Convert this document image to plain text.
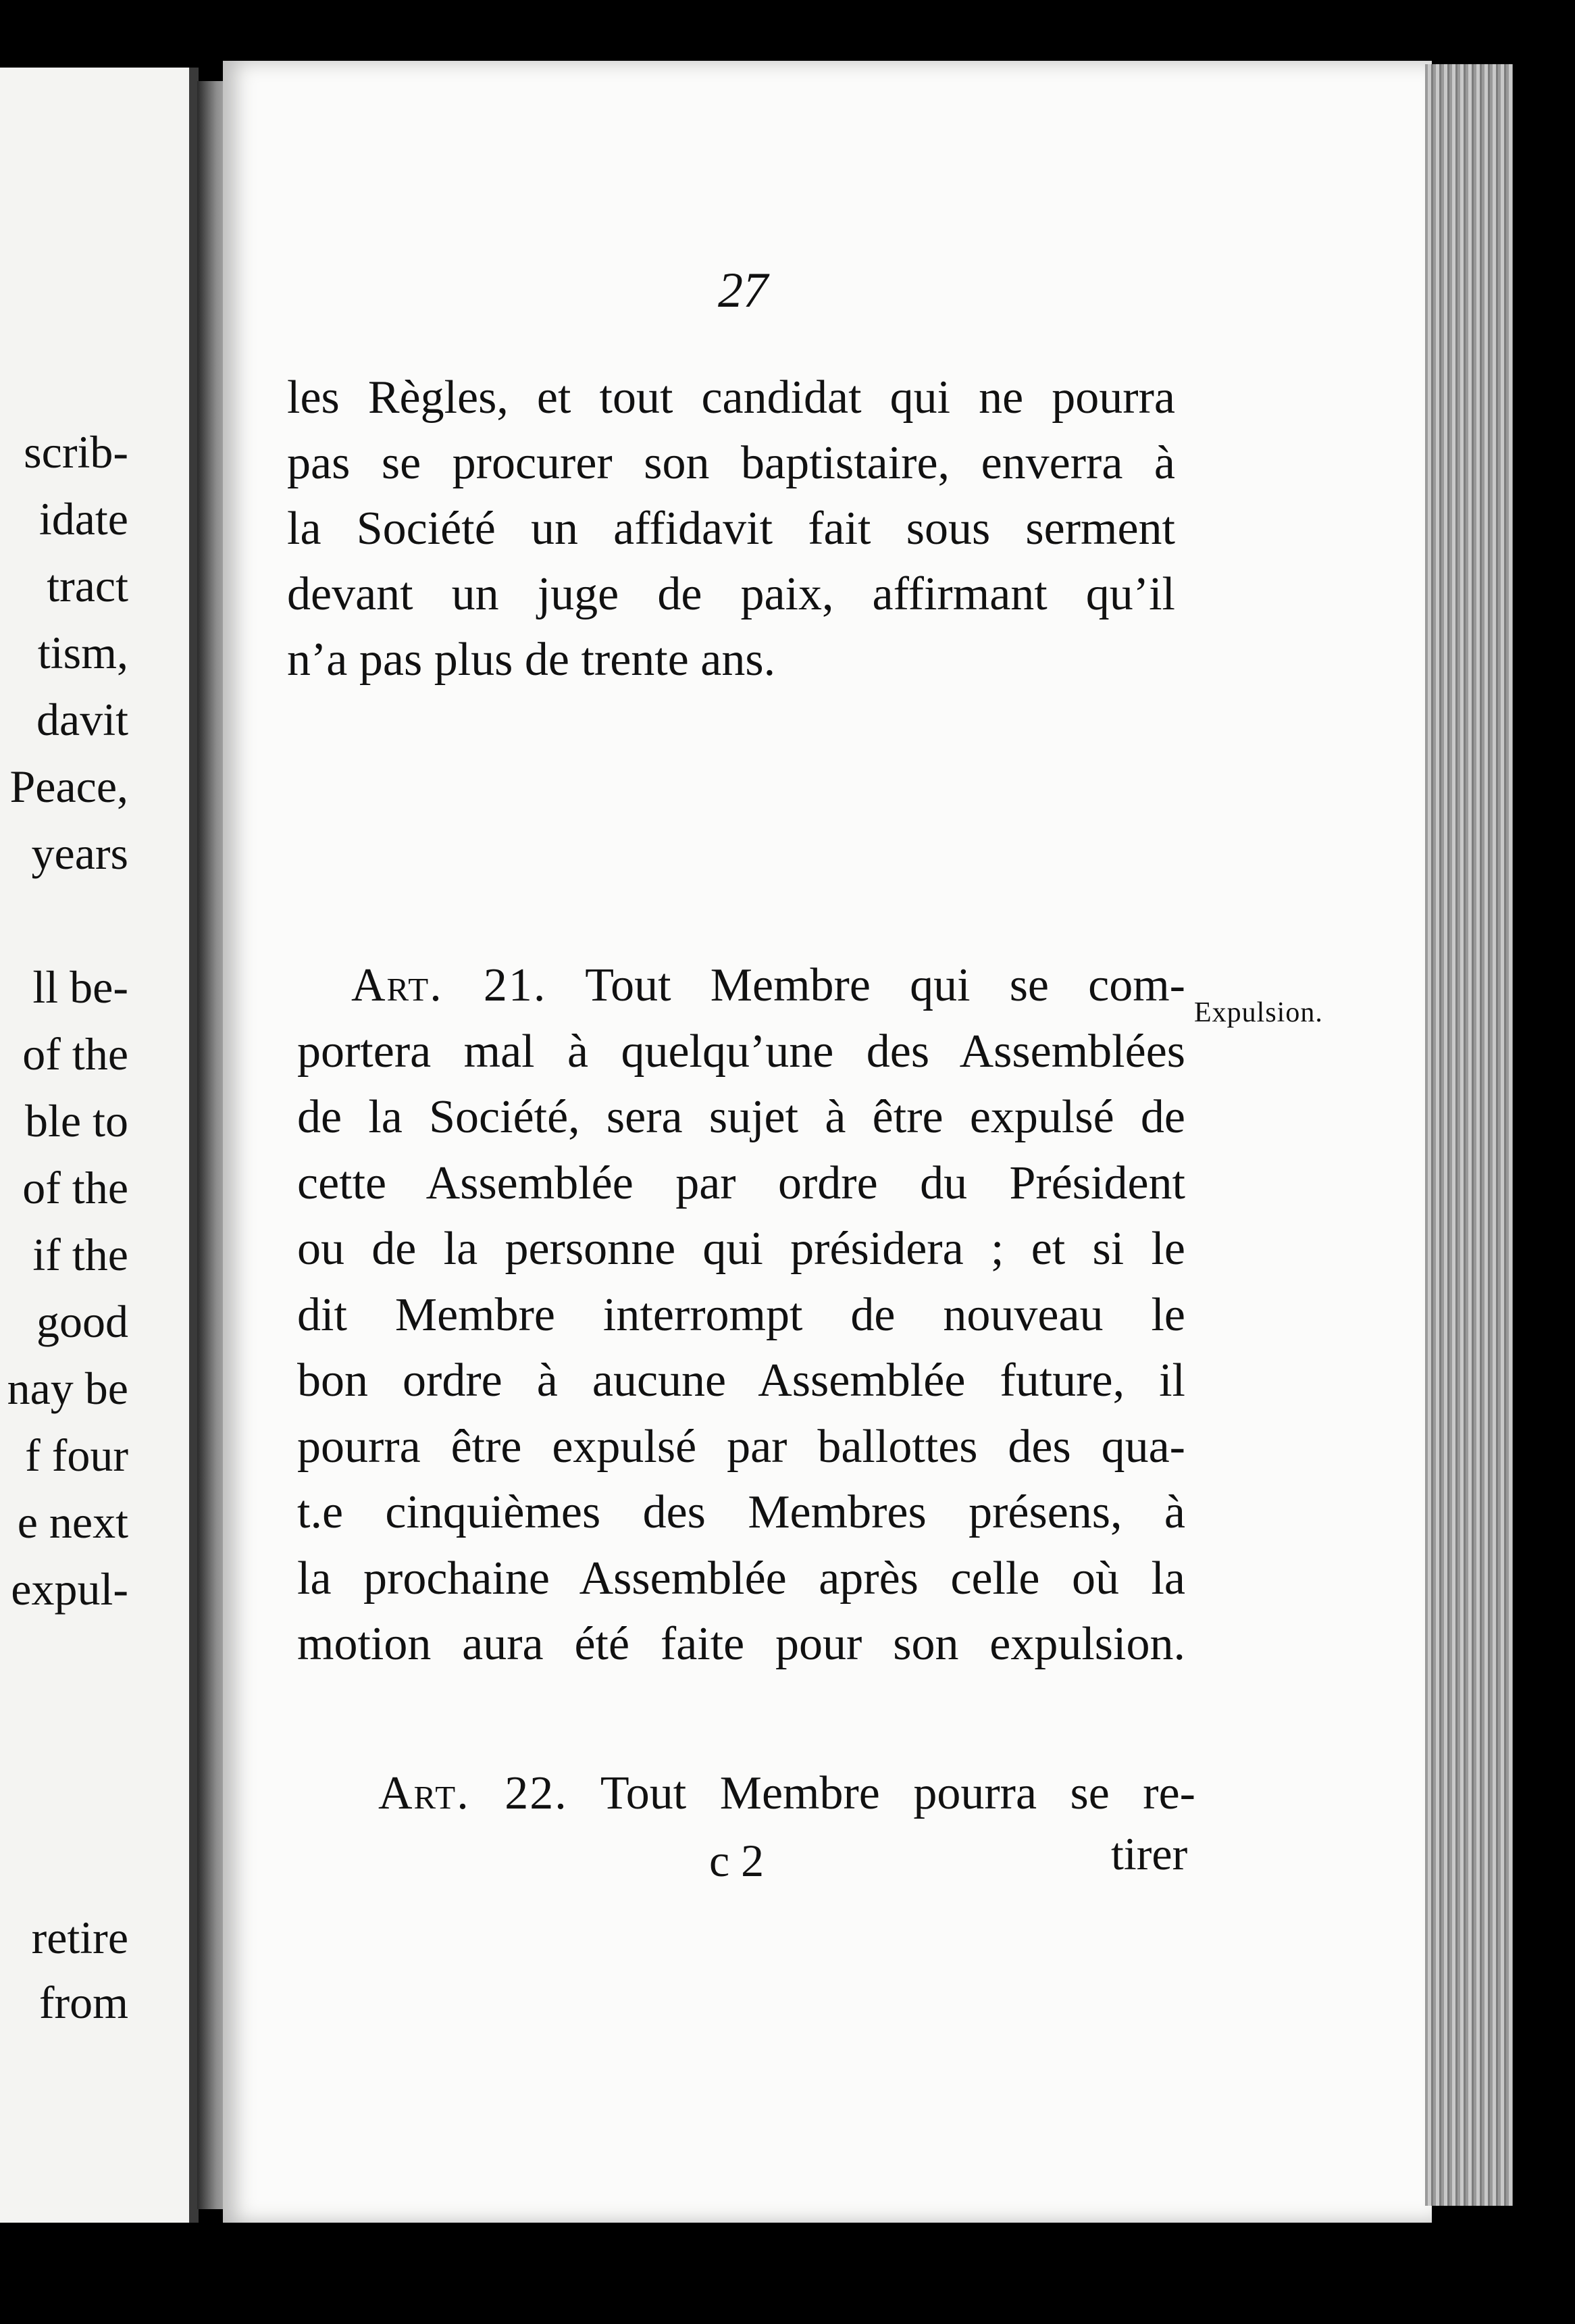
scrib-
idate
tract
tism,
davit
Peace,
years

ll be-
of the
ble to
of the
if the
good
nay be
f four
e next
expul-
retire
from
27
les Règles, et tout candidat qui ne pourra
pas se procurer son baptistaire, enverra à
la Société un affidavit fait sous serment
devant un juge de paix, affirmant qu’il
n’a pas plus de trente ans.
Art. 21. Tout Membre qui se com-
portera mal à quelqu’une des Assemblées
de la Société, sera sujet à être expulsé de
cette Assemblée par ordre du Président
ou de la personne qui présidera ; et si le
dit Membre interrompt de nouveau le
bon ordre à aucune Assemblée future, il
pourra être expulsé par ballottes des qua-
t.e cinquièmes des Membres présens, à
la prochaine Assemblée après celle où la
motion aura été faite pour son expulsion.
Expulsion.
Art. 22. Tout Membre pourra se re-
c 2	tirer
